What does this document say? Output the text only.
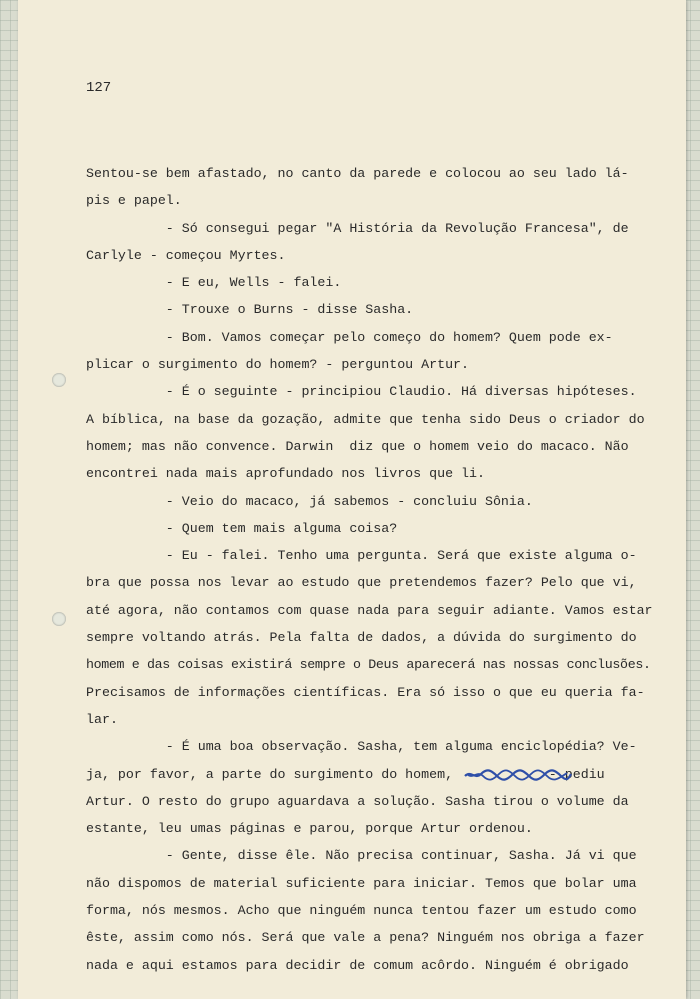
127

Sentou-se bem afastado, no canto da parede e colocou ao seu lado lá-

pis e papel.

- Só consegui pegar "A História da Revolução Francesa", de

Carlyle - começou Myrtes.

- E eu, Wells - falei.

- Trouxe o Burns - disse Sasha.

- Bom. Vamos começar pelo começo do homem? Quem pode ex-

plicar o surgimento do homem? - perguntou Artur.

- É o seguinte - principiou Claudio. Há diversas hipóteses.

A bíblica, na base da gozação, admite que tenha sido Deus o criador do

homem; mas não convence. Darwin  diz que o homem veio do macaco. Não

encontrei nada mais aprofundado nos livros que li.

- Veio do macaco, já sabemos - concluiu Sônia.

- Quem tem mais alguma coisa?

- Eu - falei. Tenho uma pergunta. Será que existe alguma o-

bra que possa nos levar ao estudo que pretendemos fazer? Pelo que vi,

até agora, não contamos com quase nada para seguir adiante. Vamos estar

sempre voltando atrás. Pela falta de dados, a dúvida do surgimento do

homem e das coisas existirá sempre o Deus aparecerá nas nossas conclusões.

Precisamos de informações científicas. Era só isso o que eu queria fa-

lar.

- É uma boa observação. Sasha, tem alguma enciclopédia? Ve-

ja, por favor, a parte do surgimento do homem,            - pediu

Artur. O resto do grupo aguardava a solução. Sasha tirou o volume da

estante, leu umas páginas e parou, porque Artur ordenou.

- Gente, disse êle. Não precisa continuar, Sasha. Já vi que

não dispomos de material suficiente para iniciar. Temos que bolar uma

forma, nós mesmos. Acho que ninguém nunca tentou fazer um estudo como

êste, assim como nós. Será que vale a pena? Ninguém nos obriga a fazer

nada e aqui estamos para decidir de comum acôrdo. Ninguém é obrigado
